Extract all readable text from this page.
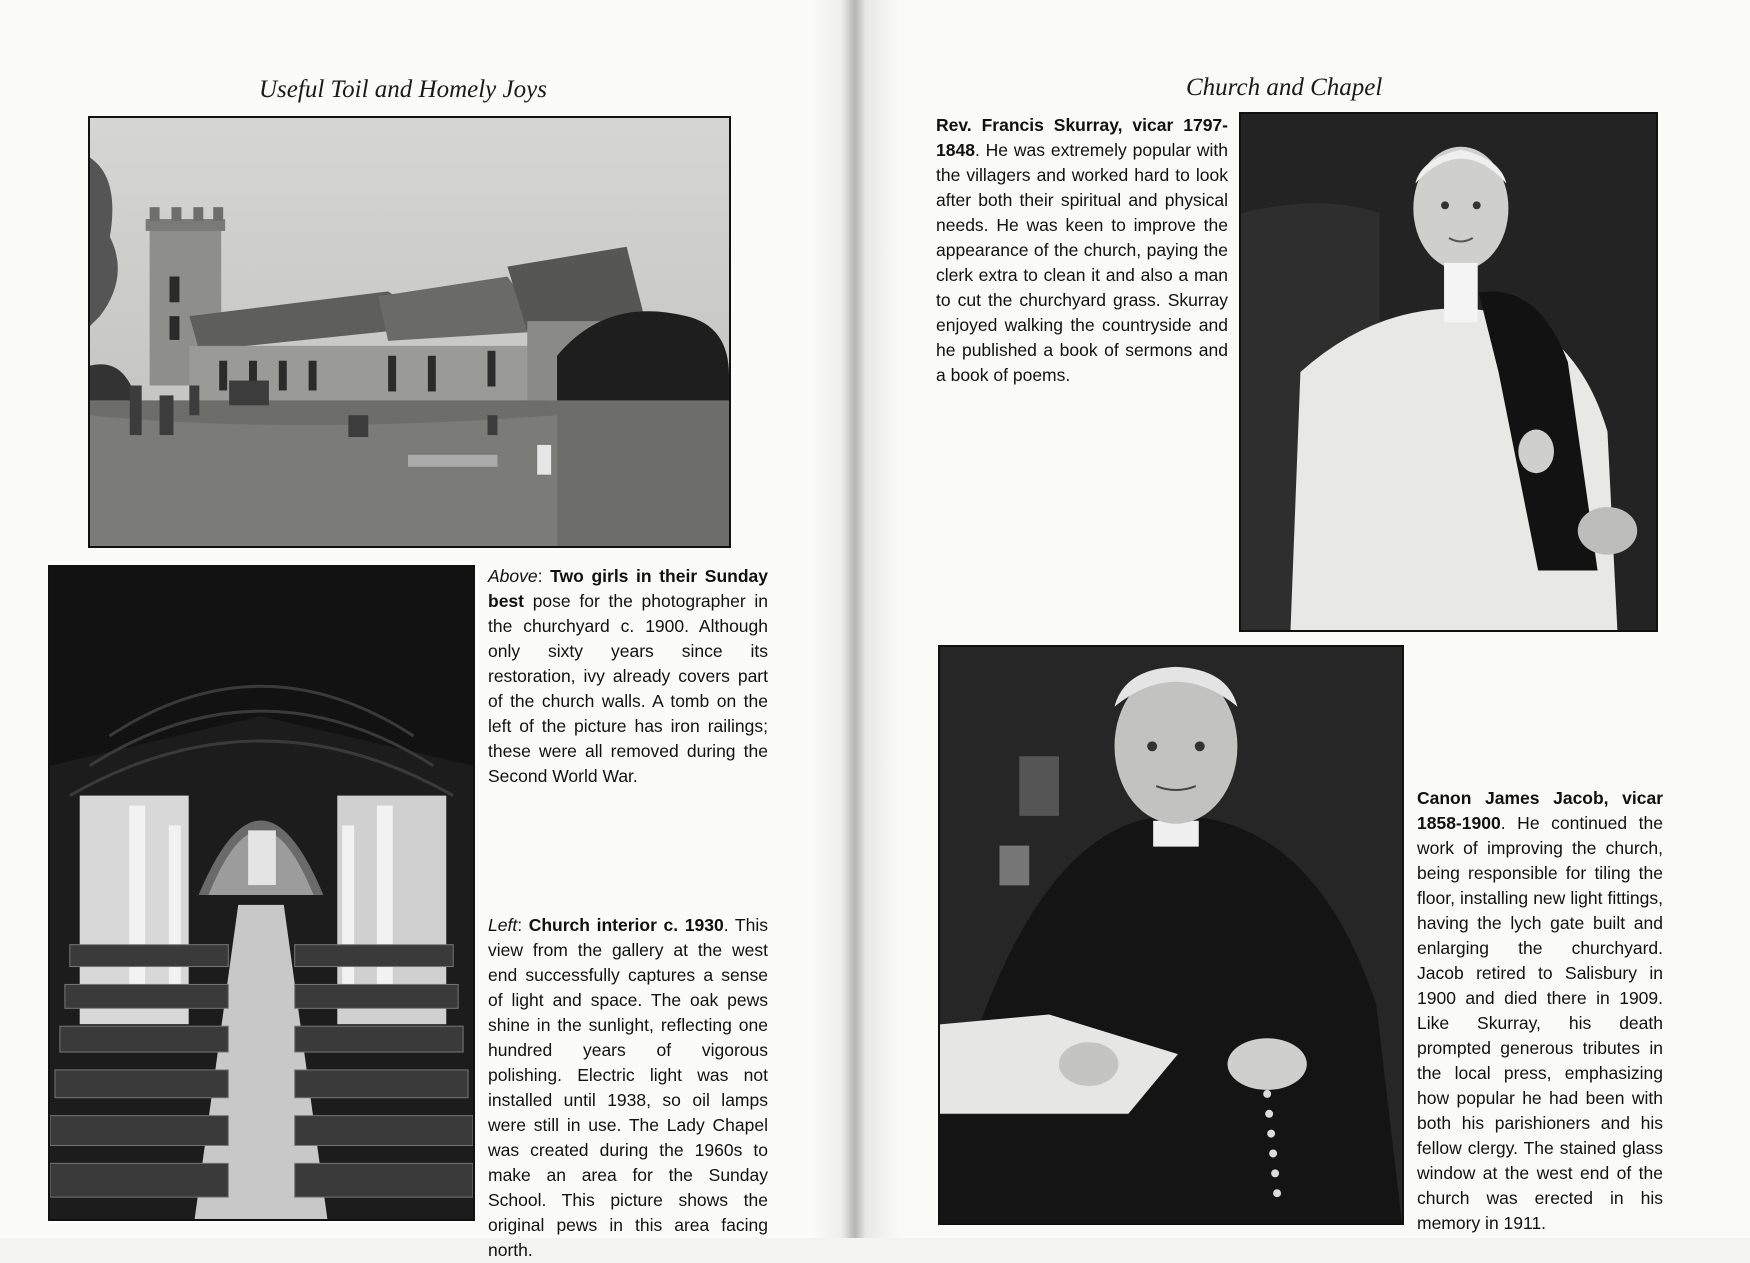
Useful Toil and Homely Joys
Above: Two girls in their Sunday best pose for the photographer in the churchyard c. 1900. Although only sixty years since its restoration, ivy already covers part of the church walls. A tomb on the left of the picture has iron railings; these were all removed during the Second World War.
Left: Church interior c. 1930. This view from the gallery at the west end successfully captures a sense of light and space. The oak pews shine in the sunlight, reflecting one hundred years of vigorous polishing. Electric light was not installed until 1938, so oil lamps were still in use. The Lady Chapel was created during the 1960s to make an area for the Sunday School. This picture shows the original pews in this area facing north.
Church and Chapel
Rev. Francis Skurray, vicar 1797-1848. He was extremely popular with the villagers and worked hard to look after both their spiritual and physical needs. He was keen to improve the appearance of the church, paying the clerk extra to clean it and also a man to cut the churchyard grass. Skurray enjoyed walking the countryside and he published a book of sermons and a book of poems.
Canon James Jacob, vicar 1858-1900. He continued the work of improving the church, being responsible for tiling the floor, installing new light fittings, having the lych gate built and enlarging the churchyard. Jacob retired to Salisbury in 1900 and died there in 1909. Like Skurray, his death prompted generous tributes in the local press, emphasizing how popular he had been with both his parishioners and his fellow clergy. The stained glass window at the west end of the church was erected in his memory in 1911.
